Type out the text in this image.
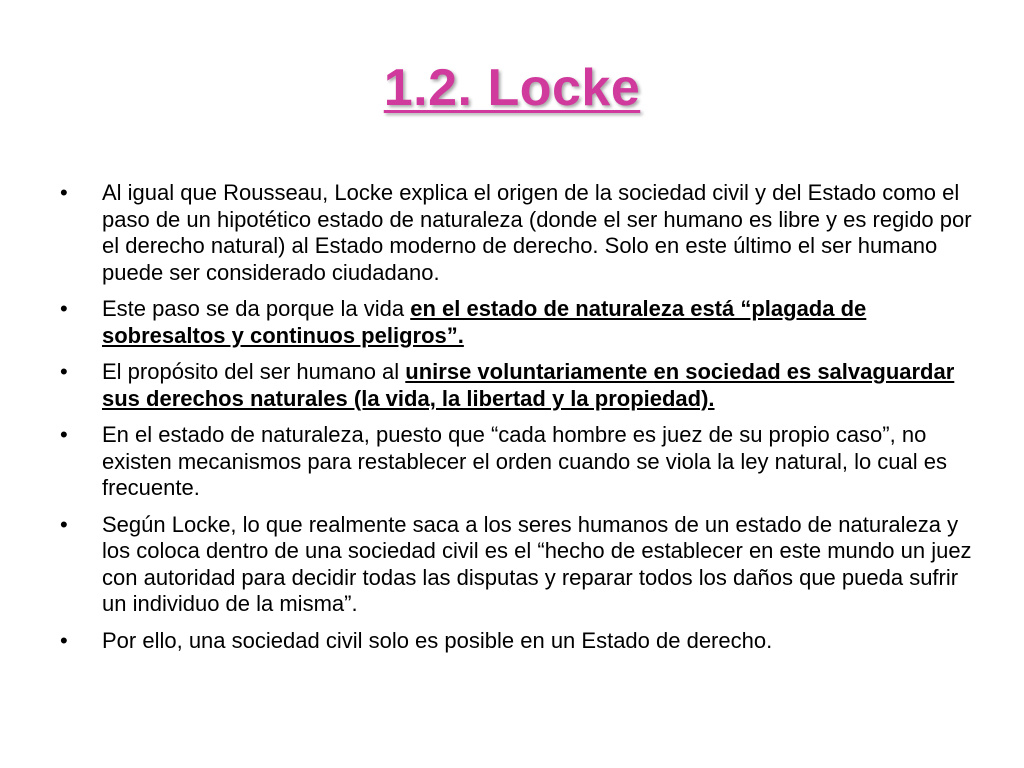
1.2. Locke
•	Al igual que Rousseau, Locke explica el origen de la sociedad civil y del Estado como el paso de un hipotético estado de naturaleza (donde el ser humano es libre y es regido por el derecho natural) al Estado moderno de derecho. Solo en este último el ser humano puede ser considerado ciudadano.
•	Este paso se da porque la vida en el estado de naturaleza está “plagada de sobresaltos y continuos peligros”.
•	El propósito del ser humano al unirse voluntariamente en sociedad es salvaguardar sus derechos naturales (la vida, la libertad y la propiedad).
•	En el estado de naturaleza, puesto que “cada hombre es juez de su propio caso”, no existen mecanismos para restablecer el orden cuando se viola la ley natural, lo cual es frecuente.
•	Según Locke, lo que realmente saca a los seres humanos de un estado de naturaleza y los coloca dentro de una sociedad civil es el “hecho de establecer en este mundo un juez con autoridad para decidir todas las disputas y reparar todos los daños que pueda sufrir un individuo de la misma”.
•	Por ello, una sociedad civil solo es posible en un Estado de derecho.
